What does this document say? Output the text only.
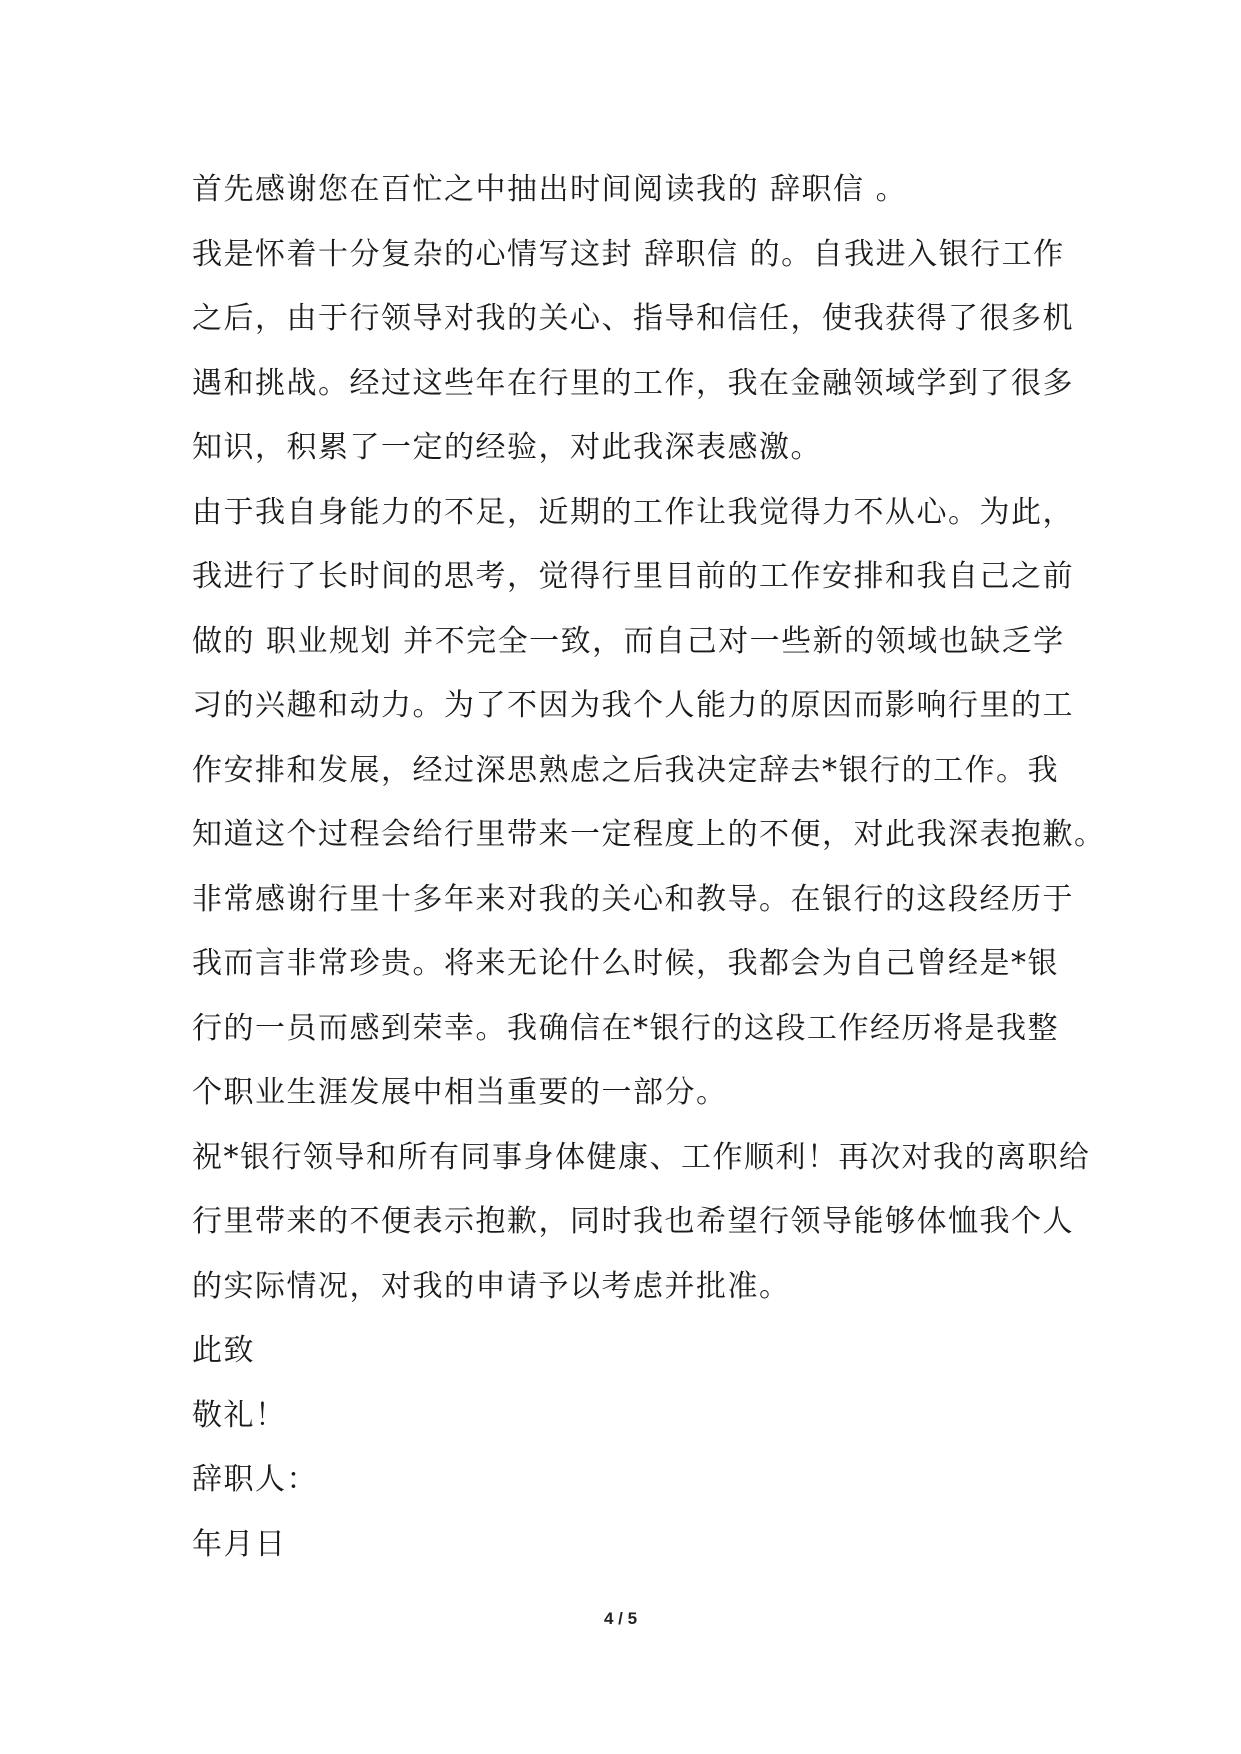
首先感谢您在百忙之中抽出时间阅读我的 辞职信 。
我是怀着十分复杂的心情写这封 辞职信 的。自我进入银行工作
之后，由于行领导对我的关心、指导和信任，使我获得了很多机
遇和挑战。经过这些年在行里的工作，我在金融领域学到了很多
知识，积累了一定的经验，对此我深表感激。
由于我自身能力的不足，近期的工作让我觉得力不从心。为此，
我进行了长时间的思考，觉得行里目前的工作安排和我自己之前
做的 职业规划 并不完全一致，而自己对一些新的领域也缺乏学
习的兴趣和动力。为了不因为我个人能力的原因而影响行里的工
作安排和发展，经过深思熟虑之后我决定辞去*银行的工作。我
知道这个过程会给行里带来一定程度上的不便，对此我深表抱歉。
非常感谢行里十多年来对我的关心和教导。在银行的这段经历于
我而言非常珍贵。将来无论什么时候，我都会为自己曾经是*银
行的一员而感到荣幸。我确信在*银行的这段工作经历将是我整
个职业生涯发展中相当重要的一部分。
祝*银行领导和所有同事身体健康、工作顺利！再次对我的离职给
行里带来的不便表示抱歉，同时我也希望行领导能够体恤我个人
的实际情况，对我的申请予以考虑并批准。
此致
敬礼！
辞职人：
年月日
4 / 5
